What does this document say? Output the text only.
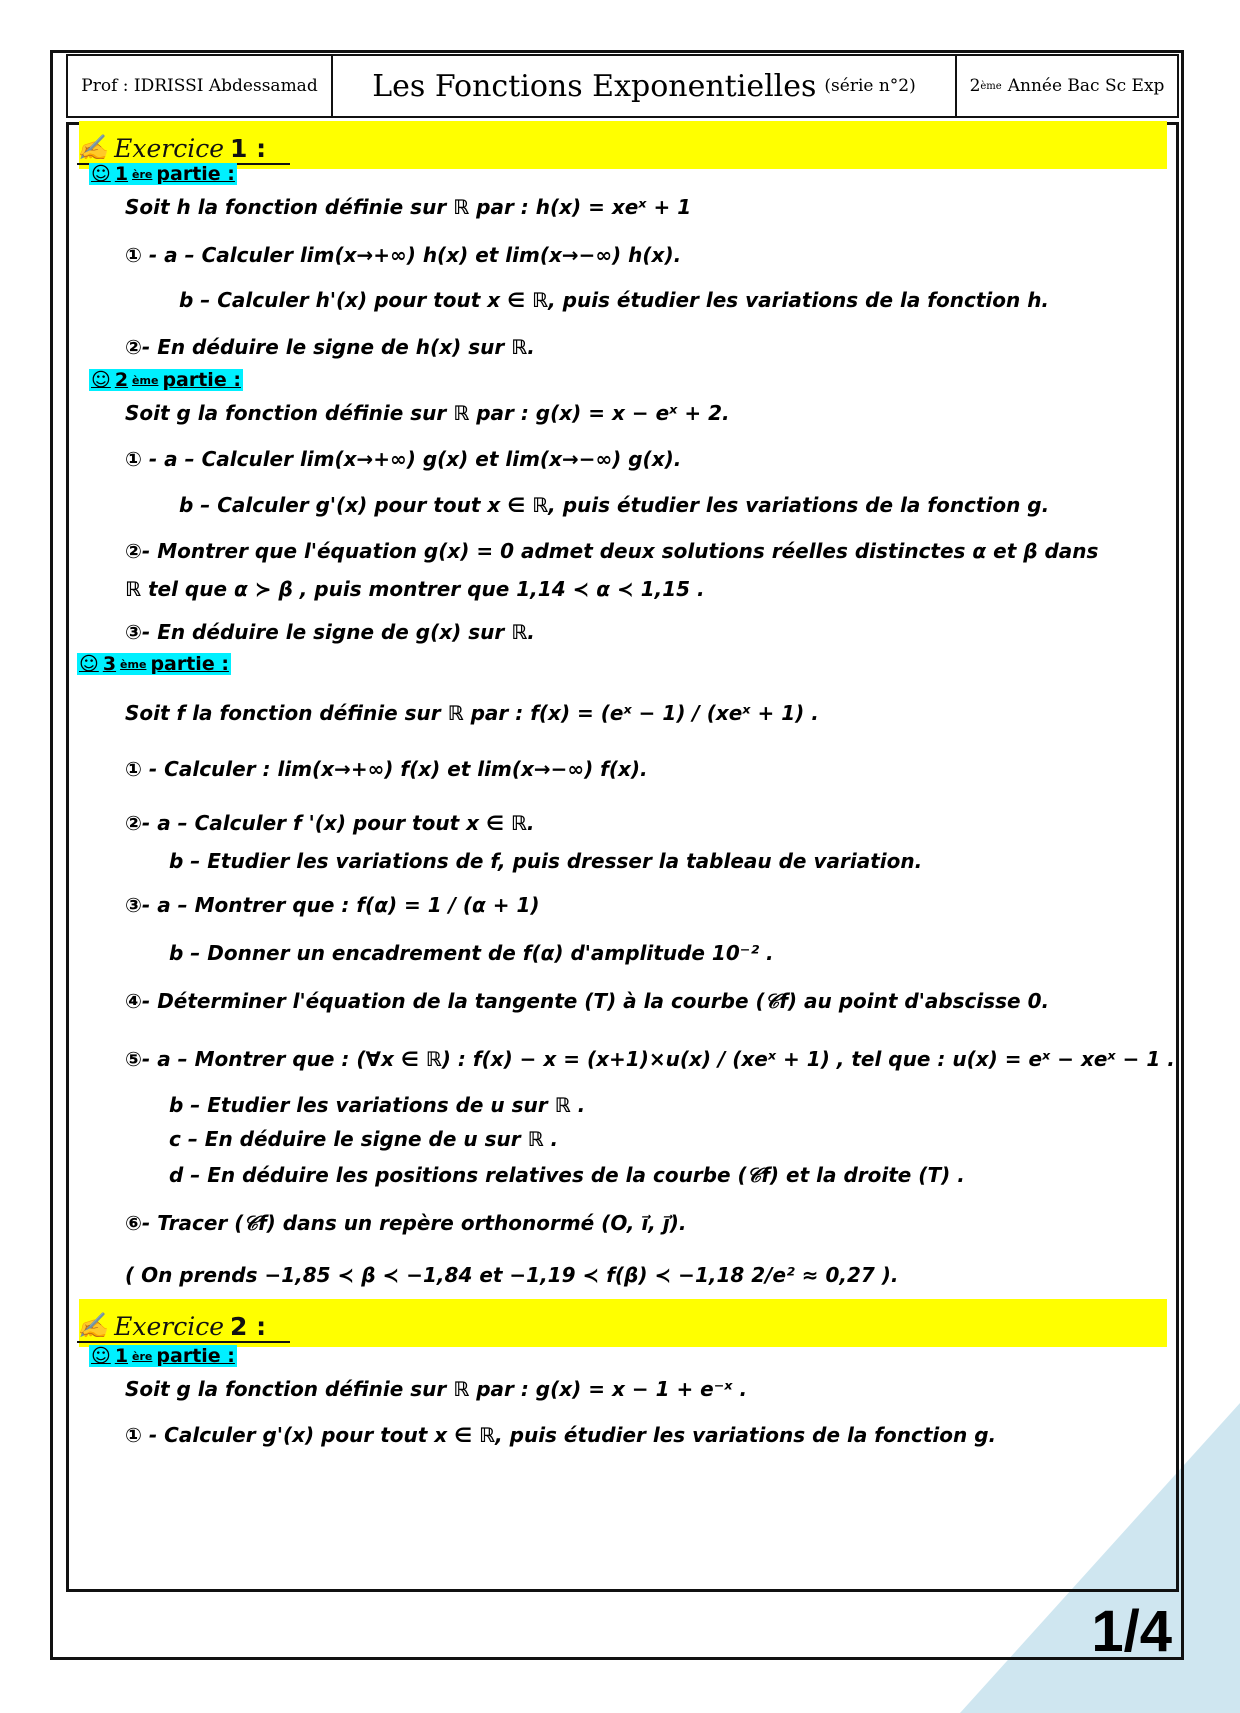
Prof : IDRISSI Abdessamad Les Fonctions Exponentielles (série n°2)	2 ème Année Bac Sc Exp
✍ Exercice 1 :
☺ 1 ère partie :
Soit h la fonction définie sur ℝ par : h(x) = xeˣ + 1
① - a – Calculer lim(x→+∞) h(x) et lim(x→−∞) h(x).
b – Calculer h'(x) pour tout x ∈ ℝ, puis étudier les variations de la fonction h.
②- En déduire le signe de h(x) sur ℝ.
☺ 2 ème partie :
Soit g la fonction définie sur ℝ par : g(x) = x − eˣ + 2.
① - a – Calculer lim(x→+∞) g(x) et lim(x→−∞) g(x).
b – Calculer g'(x) pour tout x ∈ ℝ, puis étudier les variations de la fonction g.
②- Montrer que l'équation g(x) = 0 admet deux solutions réelles distinctes α et β dans
ℝ tel que α ≻ β , puis montrer que 1,14 ≺ α ≺ 1,15 .
③- En déduire le signe de g(x) sur ℝ.
☺ 3 ème partie :
Soit f la fonction définie sur ℝ par : f(x) = (eˣ − 1) / (xeˣ + 1) .
① - Calculer : lim(x→+∞) f(x) et lim(x→−∞) f(x).
②- a – Calculer f '(x) pour tout x ∈ ℝ.
b – Etudier les variations de f, puis dresser la tableau de variation.
③- a – Montrer que : f(α) = 1 / (α + 1)
b – Donner un encadrement de f(α) d'amplitude 10⁻² .
④- Déterminer l'équation de la tangente (T) à la courbe (𝒞f) au point d'abscisse 0.
⑤- a – Montrer que : (∀x ∈ ℝ) : f(x) − x = (x+1)×u(x) / (xeˣ + 1) , tel que : u(x) = eˣ − xeˣ − 1 .
b – Etudier les variations de u sur ℝ .
c – En déduire le signe de u sur ℝ .
d – En déduire les positions relatives de la courbe (𝒞f) et la droite (T) .
⑥- Tracer (𝒞f) dans un repère orthonormé (O, i⃗, j⃗).
( On prends −1,85 ≺ β ≺ −1,84 et −1,19 ≺ f(β) ≺ −1,18 2/e² ≈ 0,27 ).
✍ Exercice 2 :
☺ 1 ère partie :
Soit g la fonction définie sur ℝ par : g(x) = x − 1 + e⁻ˣ .
① - Calculer g'(x) pour tout x ∈ ℝ, puis étudier les variations de la fonction g.
1/4
